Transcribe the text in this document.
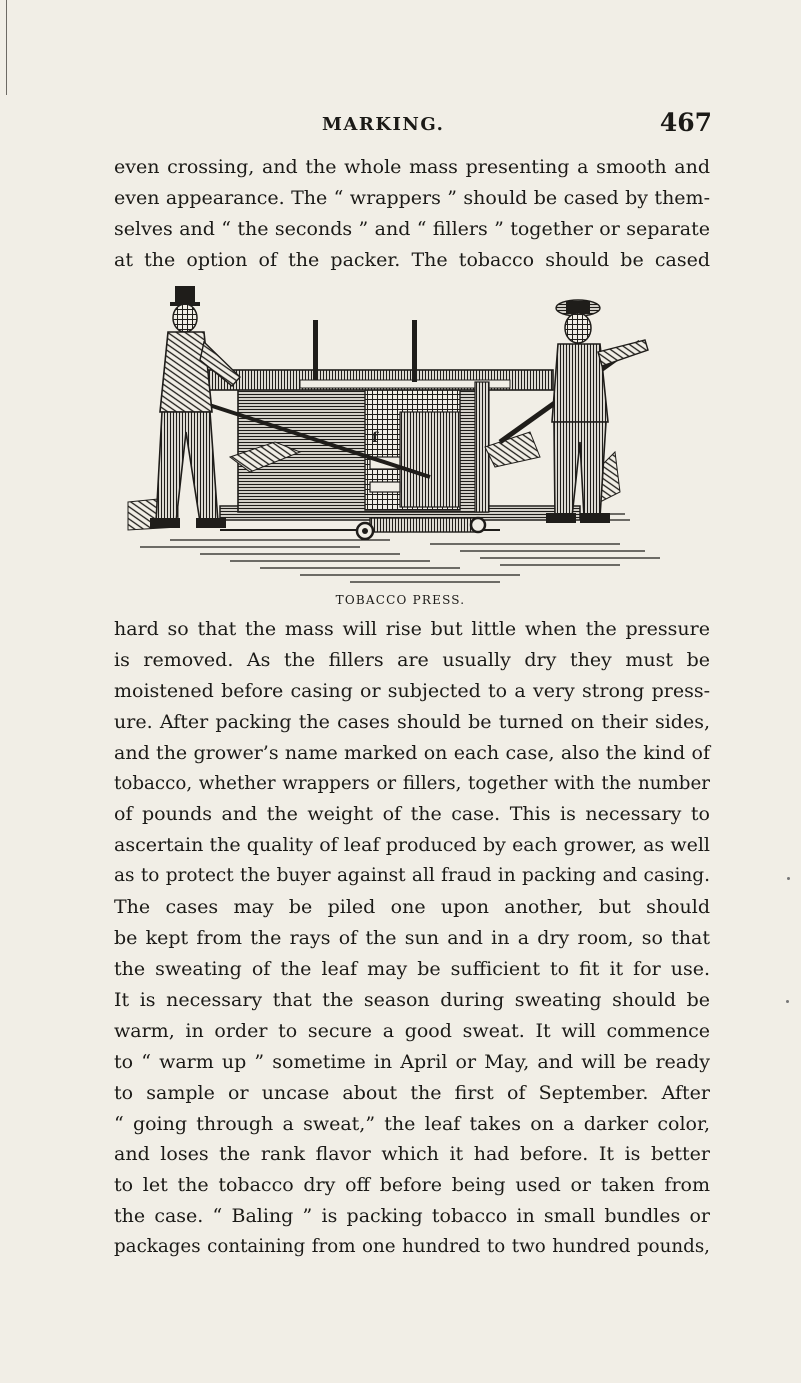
MARKING.	467
even crossing, and the whole mass presenting a smooth and
even appearance. The “ wrappers ” should be cased by them-
selves and “ the seconds ” and “ fillers ” together or separate
at the option of the packer. The tobacco should be cased
f
TOBACCO PRESS.
hard so that the mass will rise but little when the pressure
is removed. As the fillers are usually dry they must be
moistened before casing or subjected to a very strong press-
ure. After packing the cases should be turned on their sides,
and the grower’s name marked on each case, also the kind of
tobacco, whether wrappers or fillers, together with the number
of pounds and the weight of the case. This is necessary to
ascertain the quality of leaf produced by each grower, as well
as to protect the buyer against all fraud in packing and casing.
The cases may be piled one upon another, but should
be kept from the rays of the sun and in a dry room, so that
the sweating of the leaf may be sufficient to fit it for use.
It is necessary that the season during sweating should be
warm, in order to secure a good sweat. It will commence
to “ warm up ” sometime in April or May, and will be ready
to sample or uncase about the first of September. After
“ going through a sweat,” the leaf takes on a darker color,
and loses the rank flavor which it had before. It is better
to let the tobacco dry off before being used or taken from
the case. “ Baling ” is packing tobacco in small bundles or
packages containing from one hundred to two hundred pounds,
